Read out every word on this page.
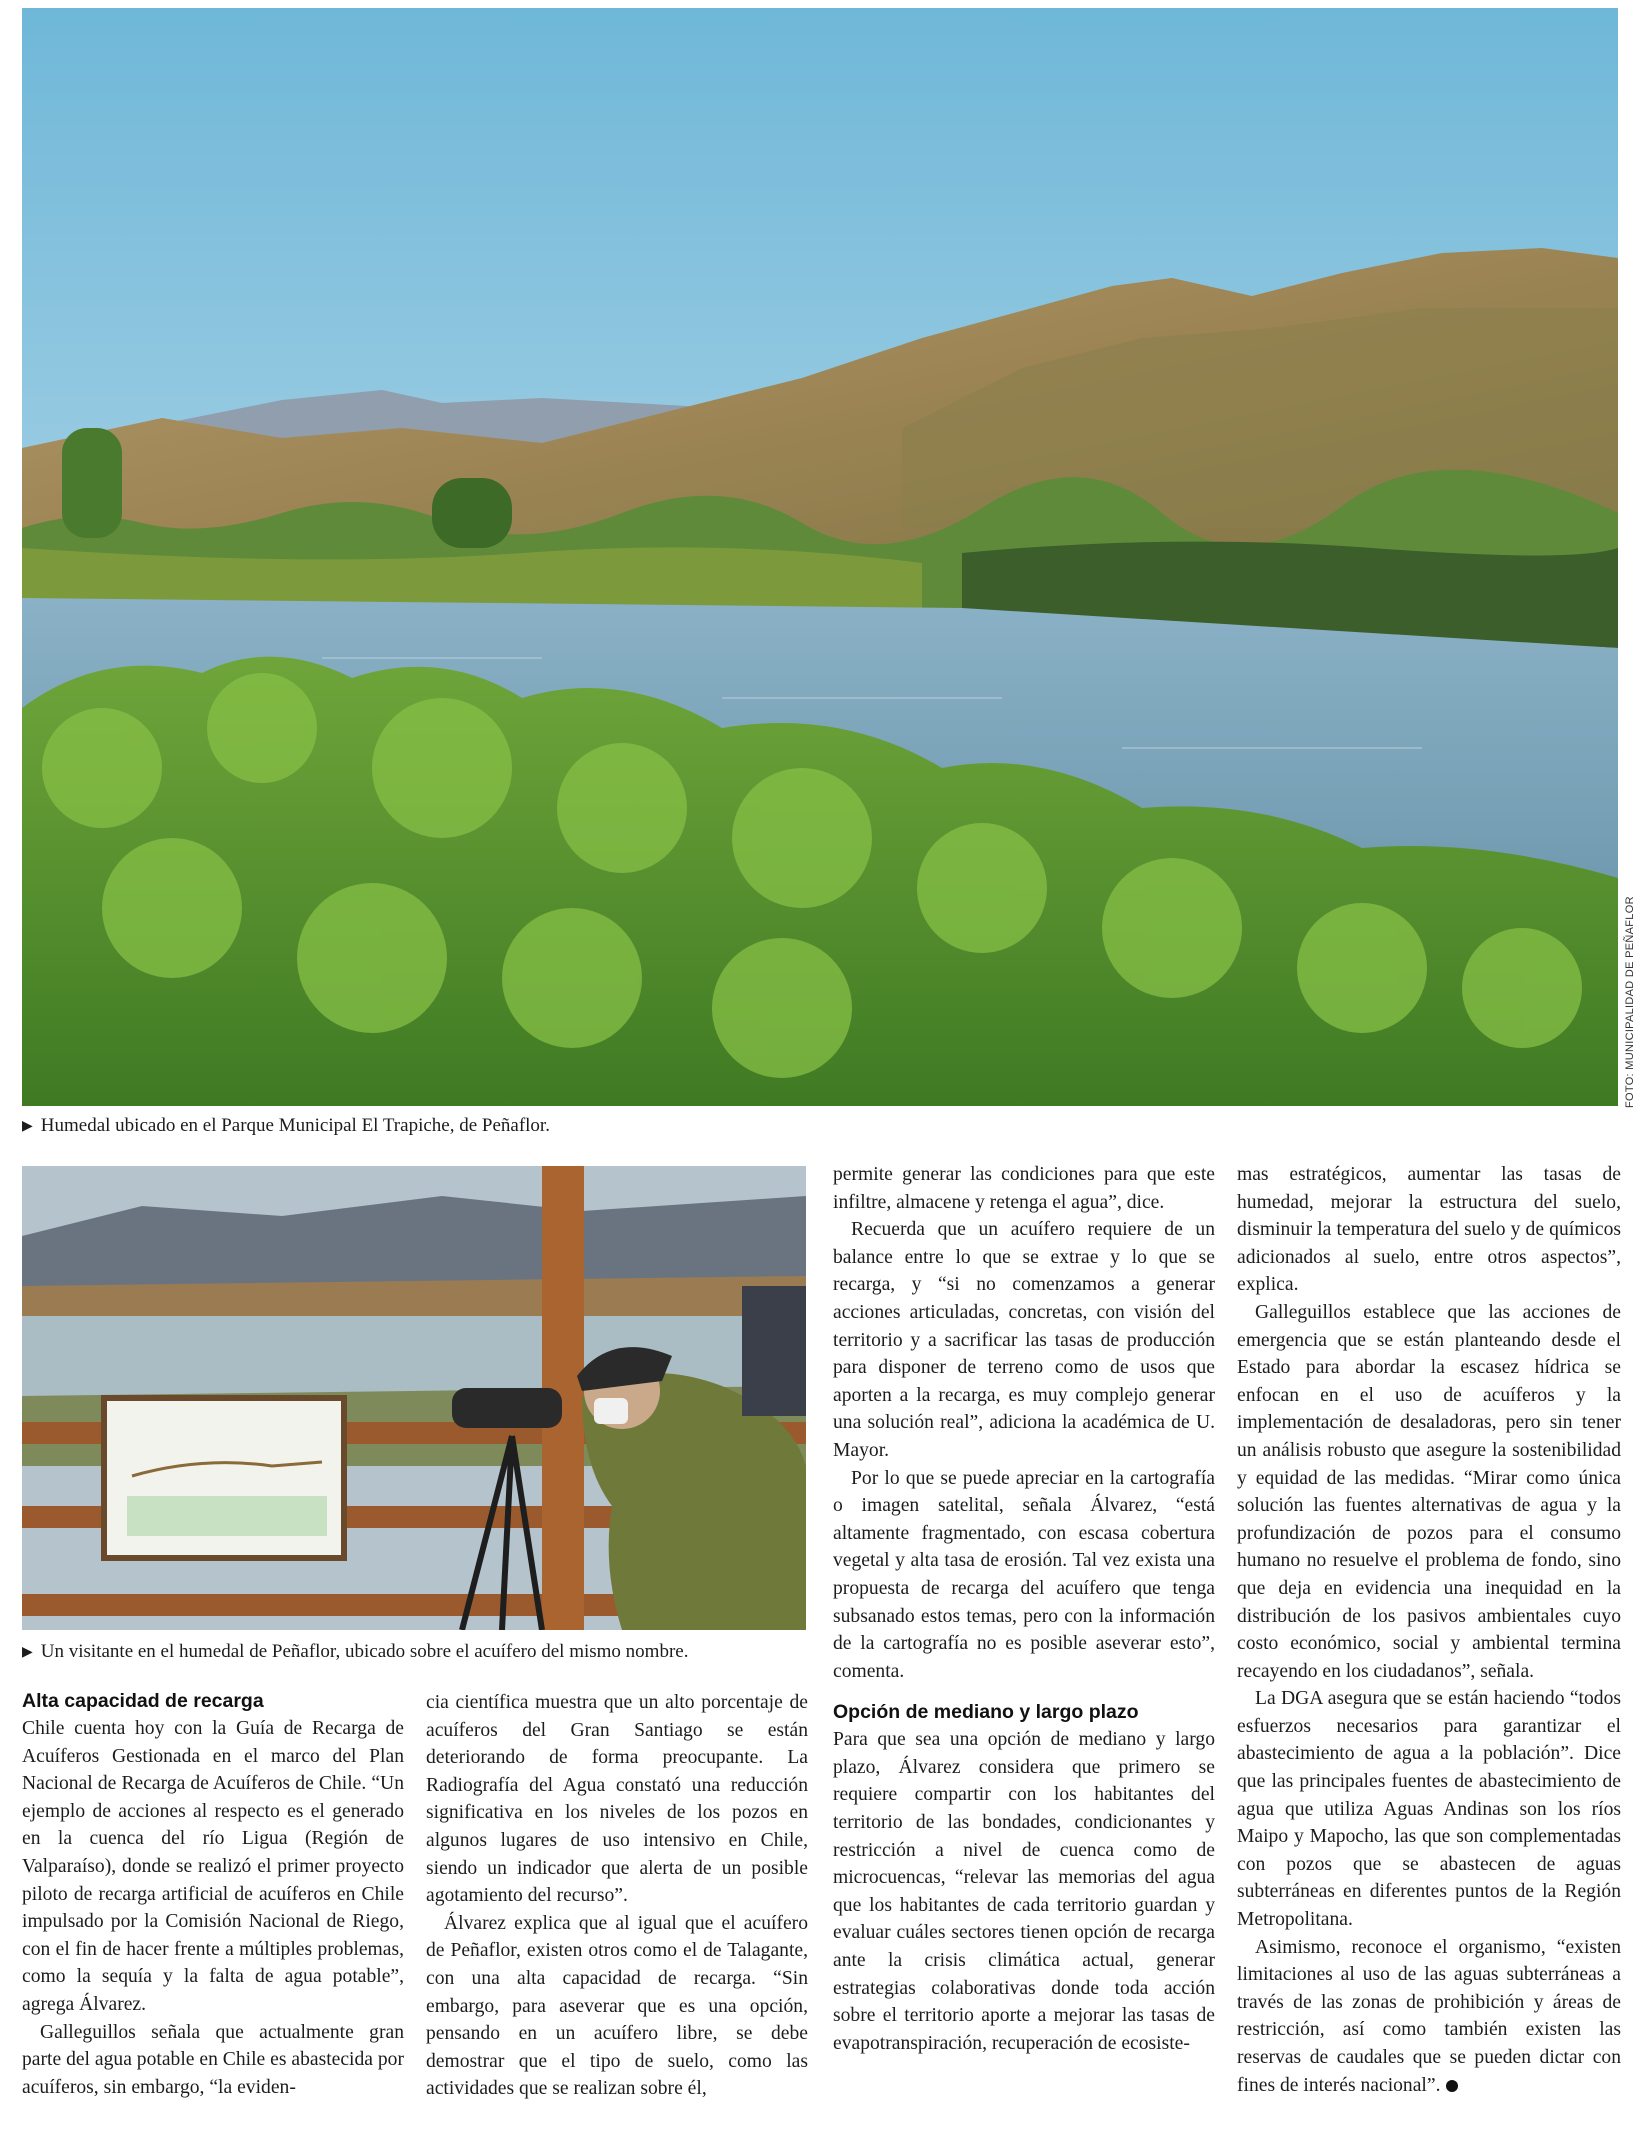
FOTO: MUNICIPALIDAD DE PEÑAFLOR
▶ Humedal ubicado en el Parque Municipal El Trapiche, de Peñaflor.
▶ Un visitante en el humedal de Peñaflor, ubicado sobre el acuífero del mismo nombre.
Alta capacidad de recarga

Chile cuenta hoy con la Guía de Recarga de Acuíferos Gestionada en el marco del Plan Nacional de Recarga de Acuíferos de Chile. “Un ejemplo de acciones al respecto es el generado en la cuenca del río Ligua (Región de Valparaíso), donde se realizó el primer proyecto piloto de recarga artificial de acuíferos en Chile impulsado por la Comisión Nacional de Riego, con el fin de hacer frente a múltiples problemas, como la sequía y la falta de agua potable”, agrega Álvarez.

Galleguillos señala que actualmente gran parte del agua potable en Chile es abastecida por acuíferos, sin embargo, “la eviden-

cia científica muestra que un alto porcentaje de acuíferos del Gran Santiago se están deteriorando de forma preocupante. La Radiografía del Agua constató una reducción significativa en los niveles de los pozos en algunos lugares de uso intensivo en Chile, siendo un indicador que alerta de un posible agotamiento del recurso”.

Álvarez explica que al igual que el acuífero de Peñaflor, existen otros como el de Talagante, con una alta capacidad de recarga. “Sin embargo, para aseverar que es una opción, pensando en un acuífero libre, se debe demostrar que el tipo de suelo, como las actividades que se realizan sobre él,

permite generar las condiciones para que este infiltre, almacene y retenga el agua”, dice.

Recuerda que un acuífero requiere de un balance entre lo que se extrae y lo que se recarga, y “si no comenzamos a generar acciones articuladas, concretas, con visión del territorio y a sacrificar las tasas de producción para disponer de terreno como de usos que aporten a la recarga, es muy complejo generar una solución real”, adiciona la académica de U. Mayor.

Por lo que se puede apreciar en la cartografía o imagen satelital, señala Álvarez, “está altamente fragmentado, con escasa cobertura vegetal y alta tasa de erosión. Tal vez exista una propuesta de recarga del acuífero que tenga subsanado estos temas, pero con la información de la cartografía no es posible aseverar esto”, comenta.

Opción de mediano y largo plazo

Para que sea una opción de mediano y largo plazo, Álvarez considera que primero se requiere compartir con los habitantes del territorio de las bondades, condicionantes y restricción a nivel de cuenca como de microcuencas, “relevar las memorias del agua que los habitantes de cada territorio guardan y evaluar cuáles sectores tienen opción de recarga ante la crisis climática actual, generar estrategias colaborativas donde toda acción sobre el territorio aporte a mejorar las tasas de evapotranspiración, recuperación de ecosiste-

mas estratégicos, aumentar las tasas de humedad, mejorar la estructura del suelo, disminuir la temperatura del suelo y de químicos adicionados al suelo, entre otros aspectos”, explica.

Galleguillos establece que las acciones de emergencia que se están planteando desde el Estado para abordar la escasez hídrica se enfocan en el uso de acuíferos y la implementación de desaladoras, pero sin tener un análisis robusto que asegure la sostenibilidad y equidad de las medidas. “Mirar como única solución las fuentes alternativas de agua y la profundización de pozos para el consumo humano no resuelve el problema de fondo, sino que deja en evidencia una inequidad en la distribución de los pasivos ambientales cuyo costo económico, social y ambiental termina recayendo en los ciudadanos”, señala.

La DGA asegura que se están haciendo “todos esfuerzos necesarios para garantizar el abastecimiento de agua a la población”. Dice que las principales fuentes de abastecimiento de agua que utiliza Aguas Andinas son los ríos Maipo y Mapocho, las que son complementadas con pozos que se abastecen de aguas subterráneas en diferentes puntos de la Región Metropolitana.

Asimismo, reconoce el organismo, “existen limitaciones al uso de las aguas subterráneas a través de las zonas de prohibición y áreas de restricción, así como también existen las reservas de caudales que se pueden dictar con fines de interés nacional”.
